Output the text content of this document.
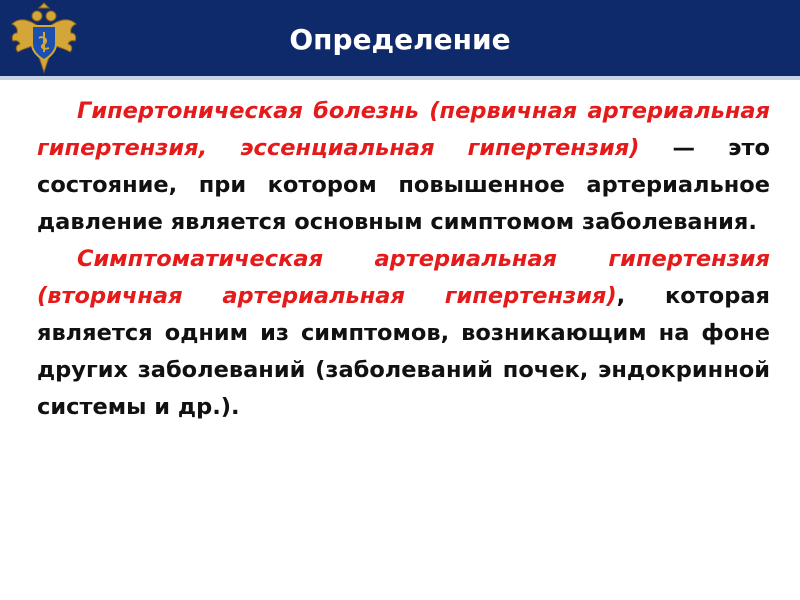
Определение

Гипертоническая болезнь (первичная артериальная гипертензия, эссенциальная гипертензия) — это состояние, при котором повышенное артериальное давление является основным симптомом заболевания.

Симптоматическая артериальная гипертензия (вторичная артериальная гипертензия), которая является одним из симптомов, возникающим на фоне других заболеваний (заболеваний почек, эндокринной системы и др.).
